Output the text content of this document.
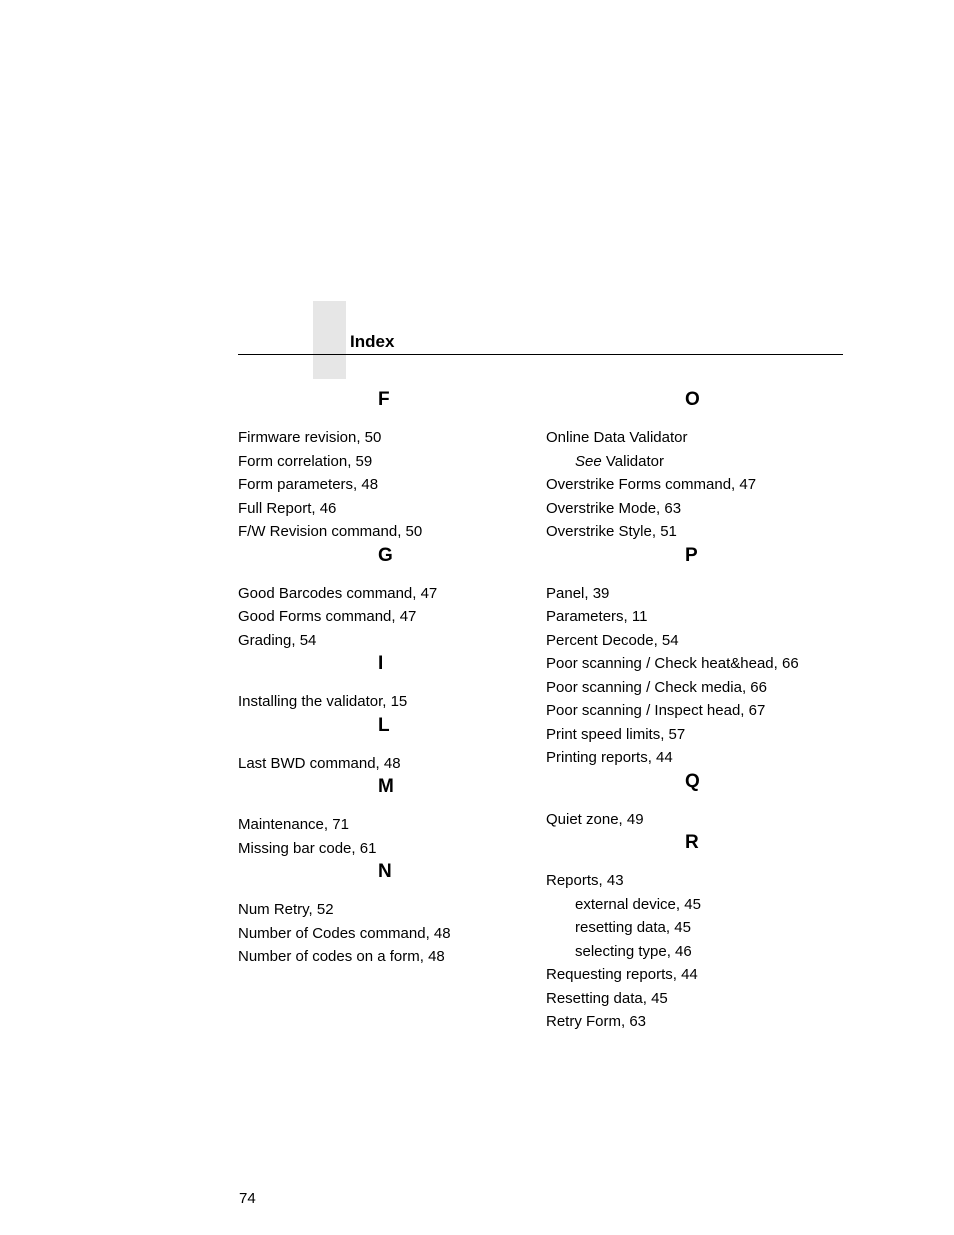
Index
F
Firmware revision, 50
Form correlation, 59
Form parameters, 48
Full Report, 46
F/W Revision command, 50
G
Good Barcodes command, 47
Good Forms command, 47
Grading, 54
I
Installing the validator, 15
L
Last BWD command, 48
M
Maintenance, 71
Missing bar code, 61
N
Num Retry, 52
Number of Codes command, 48
Number of codes on a form, 48
O
Online Data Validator
See Validator
Overstrike Forms command, 47
Overstrike Mode, 63
Overstrike Style, 51
P
Panel, 39
Parameters, 11
Percent Decode, 54
Poor scanning / Check heat&head, 66
Poor scanning / Check media, 66
Poor scanning / Inspect head, 67
Print speed limits, 57
Printing reports, 44
Q
Quiet zone, 49
R
Reports, 43
external device, 45
resetting data, 45
selecting type, 46
Requesting reports, 44
Resetting data, 45
Retry Form, 63
74
